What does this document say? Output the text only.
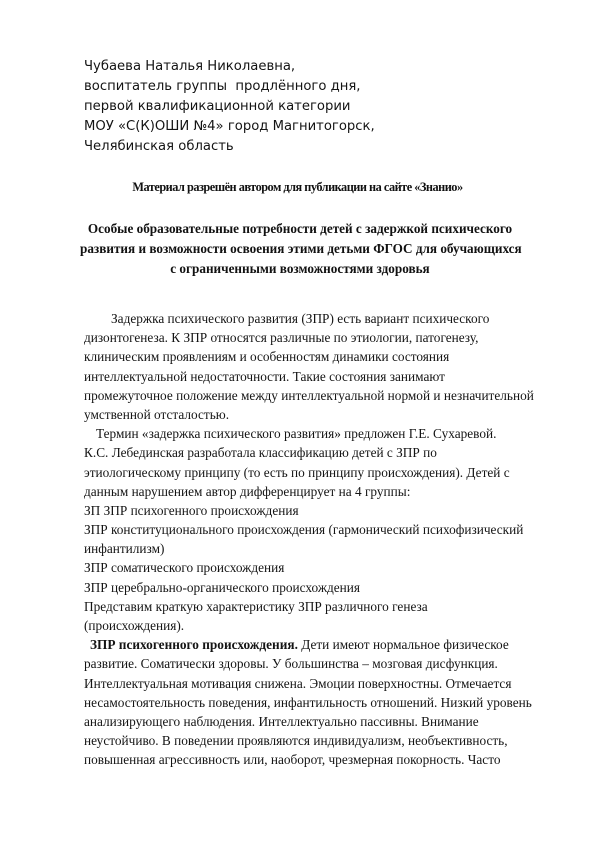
Чубаева Наталья Николаевна,
воспитатель группы  продлённого дня,
первой квалификационной категории
МОУ «С(К)ОШИ №4» город Магнитогорск,
Челябинская область
Материал разрешён автором для публикации на сайте «Знанио»
Особые образовательные потребности детей с задержкой психического
развития и возможности освоения этими детьми ФГОС для обучающихся
с ограниченными возможностями здоровья
Задержка психического развития (ЗПР) есть вариант психического
дизонтогенеза. К ЗПР относятся различные по этиологии, патогенезу,
клиническим проявлениям и особенностям динамики состояния
интеллектуальной недостаточности. Такие состояния занимают
промежуточное положение между интеллектуальной нормой и незначительной
умственной отсталостью.
Термин «задержка психического развития» предложен Г.Е. Сухаревой.
К.С. Лебединская разработала классификацию детей с ЗПР по
этиологическому принципу (то есть по принципу происхождения). Детей с
данным нарушением автор дифференцирует на 4 группы:
ЗП ЗПР психогенного происхождения
ЗПР конституционального происхождения (гармонический психофизический
инфантилизм)
ЗПР соматического происхождения
ЗПР церебрально-органического происхождения
Представим краткую характеристику ЗПР различного генеза
(происхождения).
ЗПР психогенного происхождения. Дети имеют нормальное физическое
развитие. Соматически здоровы. У большинства – мозговая дисфункция.
Интеллектуальная мотивация снижена. Эмоции поверхностны. Отмечается
несамостоятельность поведения, инфантильность отношений. Низкий уровень
анализирующего наблюдения. Интеллектуально пассивны. Внимание
неустойчиво. В поведении проявляются индивидуализм, необъективность,
повышенная агрессивность или, наоборот, чрезмерная покорность. Часто
